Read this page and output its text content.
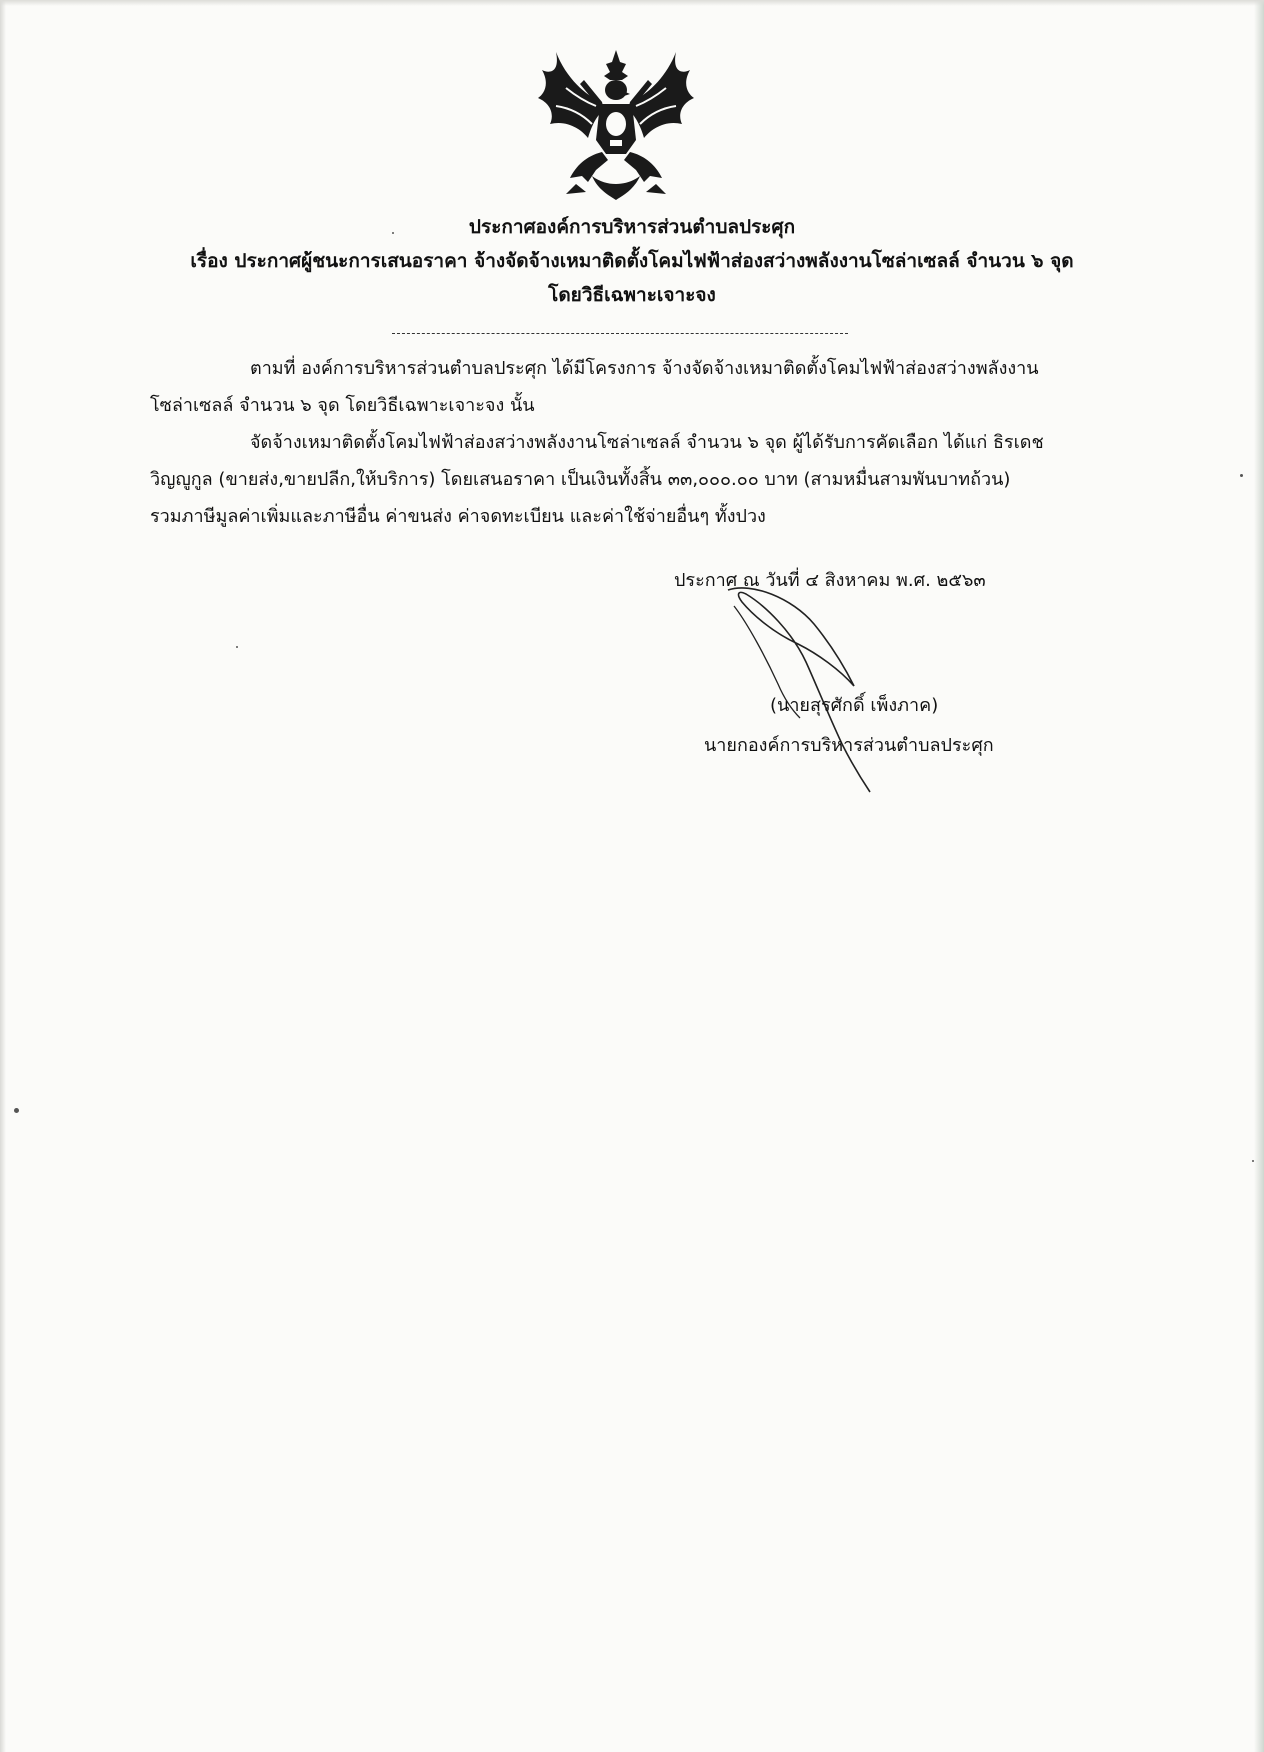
ประกาศองค์การบริหารส่วนตำบลประศุก
เรื่อง ประกาศผู้ชนะการเสนอราคา จ้างจัดจ้างเหมาติดตั้งโคมไฟฟ้าส่องสว่างพลังงานโซล่าเซลล์ จำนวน ๖ จุด
โดยวิธีเฉพาะเจาะจง
ตามที่ องค์การบริหารส่วนตำบลประศุก ได้มีโครงการ จ้างจัดจ้างเหมาติดตั้งโคมไฟฟ้าส่องสว่างพลังงาน
โซล่าเซลล์ จำนวน ๖ จุด โดยวิธีเฉพาะเจาะจง นั้น
จัดจ้างเหมาติดตั้งโคมไฟฟ้าส่องสว่างพลังงานโซล่าเซลล์ จำนวน ๖ จุด ผู้ได้รับการคัดเลือก ได้แก่ ธิรเดช
วิญญูกูล (ขายส่ง,ขายปลีก,ให้บริการ) โดยเสนอราคา เป็นเงินทั้งสิ้น ๓๓,๐๐๐.๐๐ บาท (สามหมื่นสามพันบาทถ้วน)
รวมภาษีมูลค่าเพิ่มและภาษีอื่น ค่าขนส่ง ค่าจดทะเบียน และค่าใช้จ่ายอื่นๆ ทั้งปวง
ประกาศ ณ วันที่ ๔ สิงหาคม พ.ศ. ๒๕๖๓
(นายสุรศักดิ์ เพ็งภาค)
นายกองค์การบริหารส่วนตำบลประศุก
